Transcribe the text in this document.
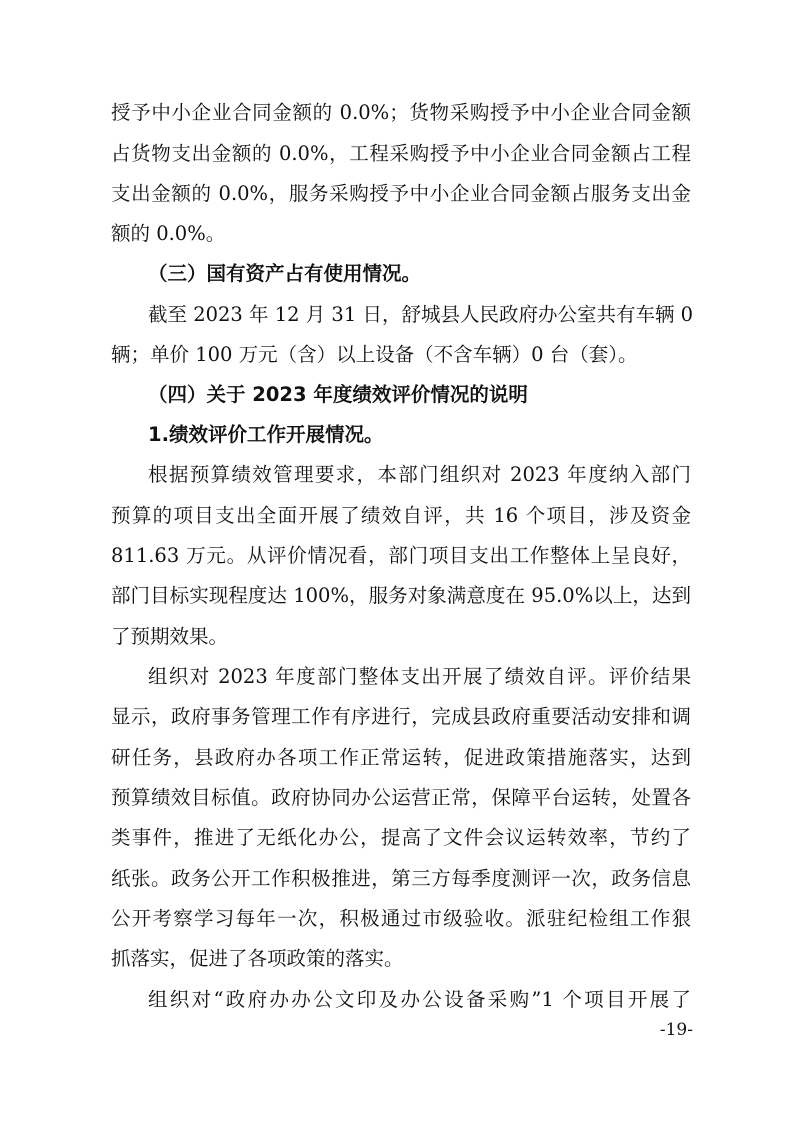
授予中小企业合同金额的 0.0%；货物采购授予中小企业合同金额
占货物支出金额的 0.0%，工程采购授予中小企业合同金额占工程
支出金额的 0.0%，服务采购授予中小企业合同金额占服务支出金
额的 0.0%。
（三）国有资产占有使用情况。
截至 2023 年 12 月 31 日，舒城县人民政府办公室共有车辆 0
辆；单价 100 万元（含）以上设备（不含车辆）0 台（套）。
（四）关于 2023 年度绩效评价情况的说明
1.绩效评价工作开展情况。
根据预算绩效管理要求，本部门组织对 2023 年度纳入部门
预算的项目支出全面开展了绩效自评，共 16 个项目，涉及资金
811.63 万元。从评价情况看，部门项目支出工作整体上呈良好，
部门目标实现程度达 100%，服务对象满意度在 95.0%以上，达到
了预期效果。
组织对 2023 年度部门整体支出开展了绩效自评。评价结果
显示，政府事务管理工作有序进行，完成县政府重要活动安排和调
研任务，县政府办各项工作正常运转，促进政策措施落实，达到
预算绩效目标值。政府协同办公运营正常，保障平台运转，处置各
类事件，推进了无纸化办公，提高了文件会议运转效率，节约了
纸张。政务公开工作积极推进，第三方每季度测评一次，政务信息
公开考察学习每年一次，积极通过市级验收。派驻纪检组工作狠
抓落实，促进了各项政策的落实。
组织对“政府办办公文印及办公设备采购”1 个项目开展了
-19-
